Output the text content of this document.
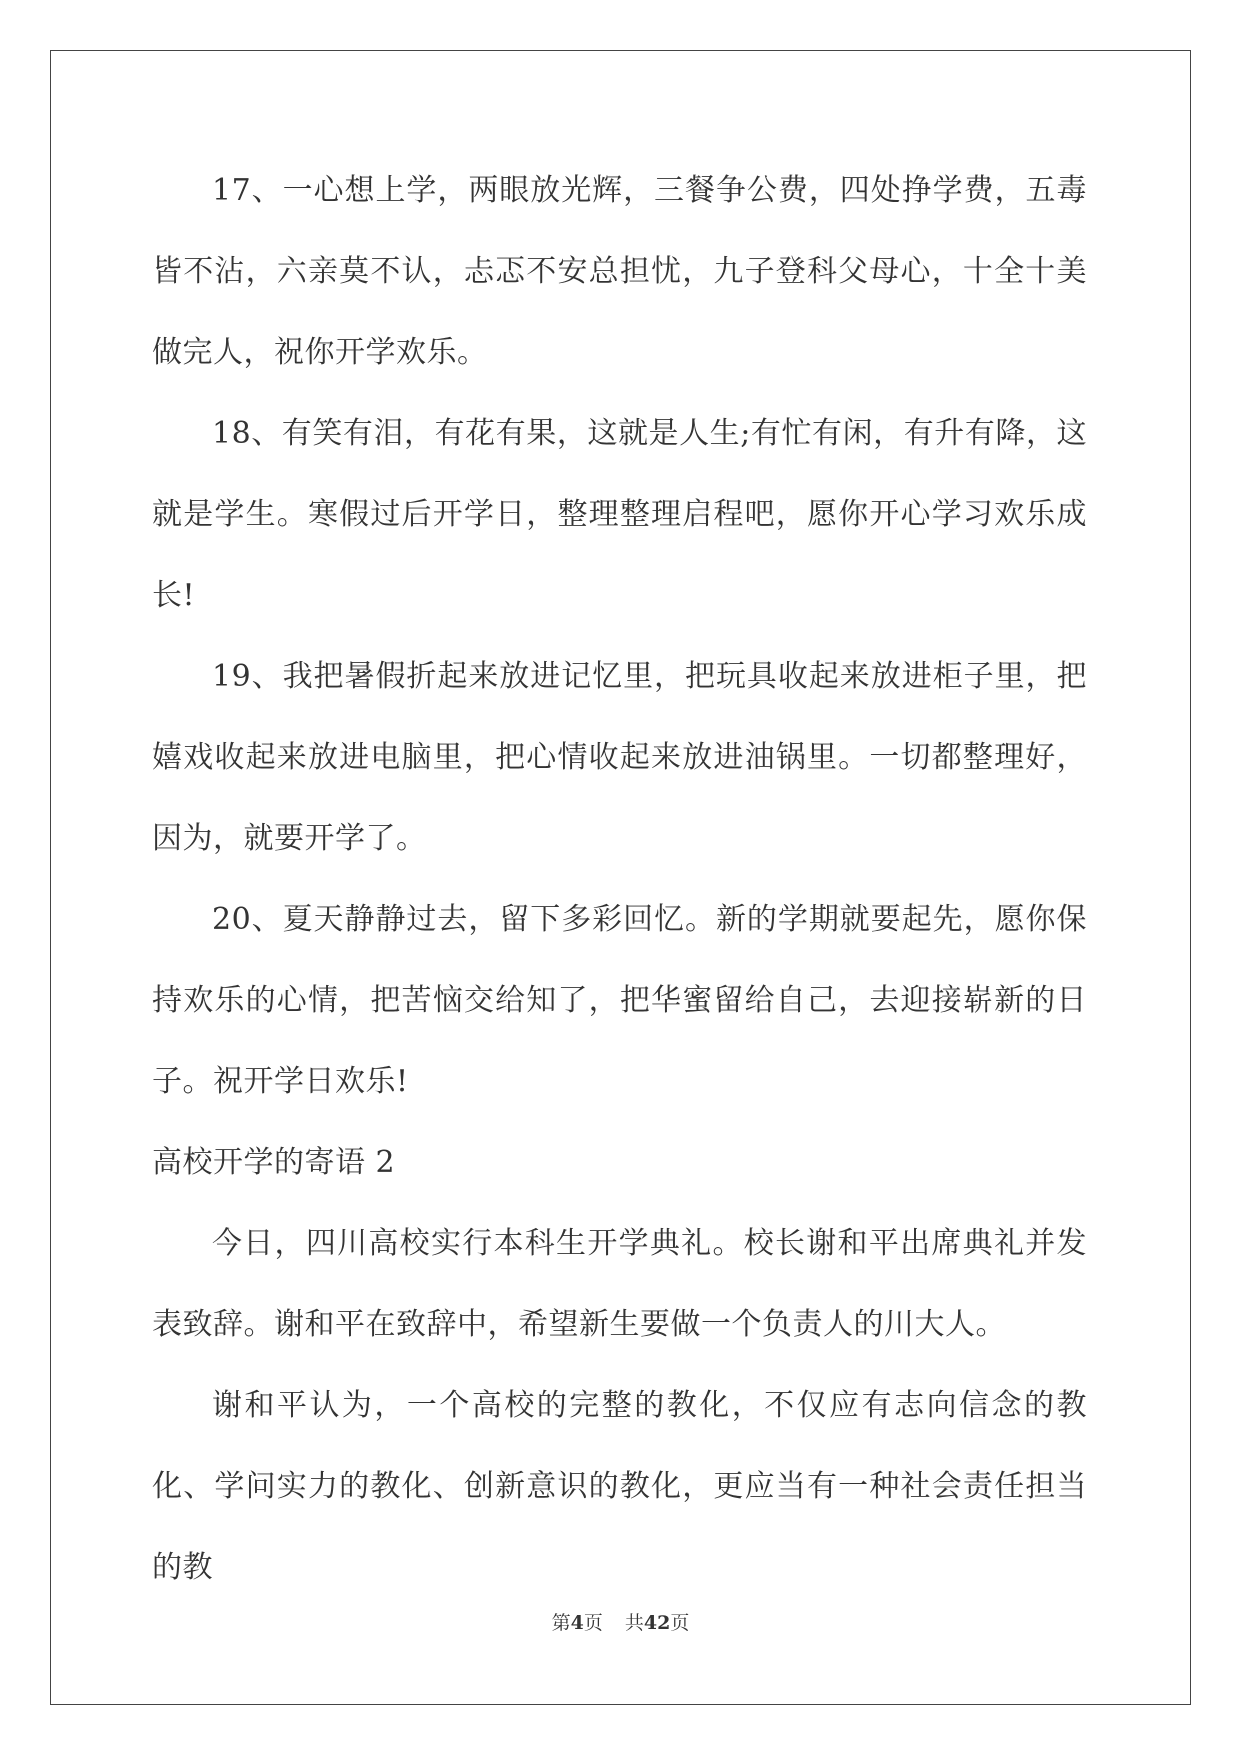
17、一心想上学，两眼放光辉，三餐争公费，四处挣学费，五毒皆不沾，六亲莫不认，忐忑不安总担忧，九子登科父母心，十全十美做完人，祝你开学欢乐。

18、有笑有泪，有花有果，这就是人生;有忙有闲，有升有降，这就是学生。寒假过后开学日，整理整理启程吧，愿你开心学习欢乐成长!

19、我把暑假折起来放进记忆里，把玩具收起来放进柜子里，把嬉戏收起来放进电脑里，把心情收起来放进油锅里。一切都整理好，因为，就要开学了。

20、夏天静静过去，留下多彩回忆。新的学期就要起先，愿你保持欢乐的心情，把苦恼交给知了，把华蜜留给自己，去迎接崭新的日子。祝开学日欢乐!

高校开学的寄语 2

今日，四川高校实行本科生开学典礼。校长谢和平出席典礼并发表致辞。谢和平在致辞中，希望新生要做一个负责人的川大人。

谢和平认为，一个高校的完整的教化，不仅应有志向信念的教化、学问实力的教化、创新意识的教化，更应当有一种社会责任担当的教

第4页 共42页
